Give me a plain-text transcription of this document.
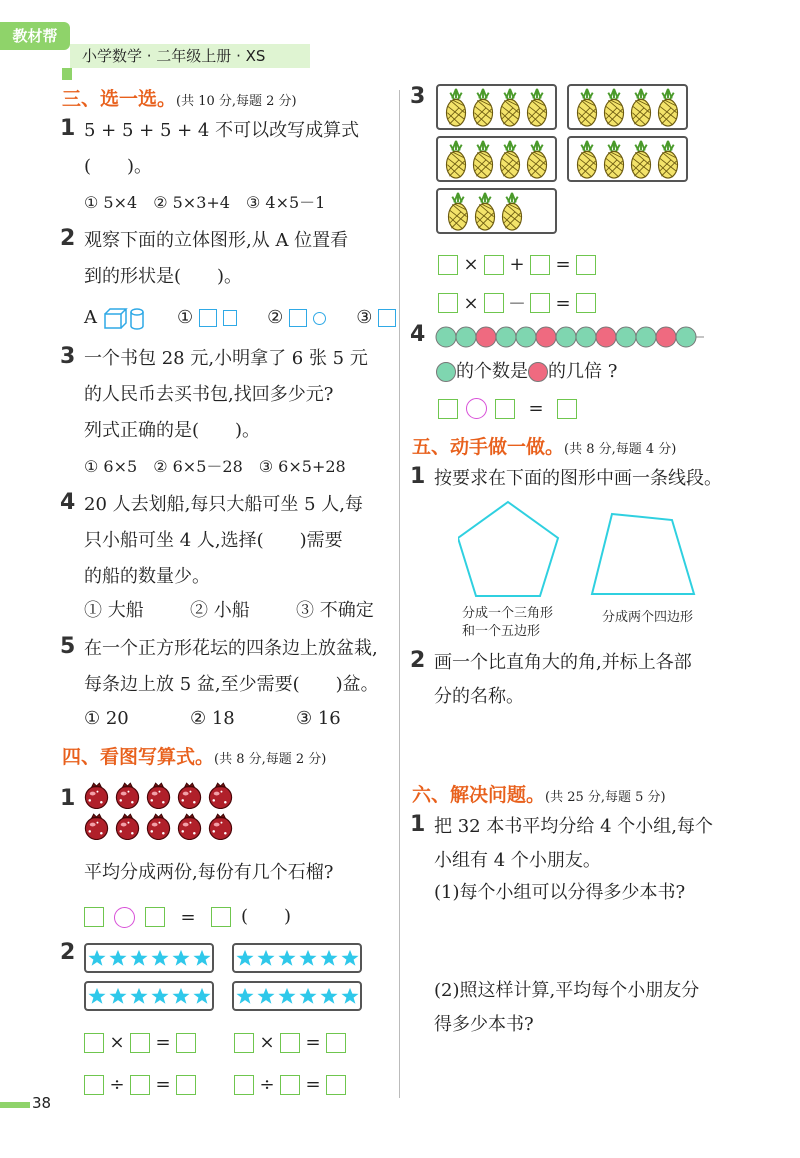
教材帮
小学数学 · 二年级上册 · XS
三、选一选。(共 10 分,每题 2 分)
1 5 + 5 + 5 + 4 不可以改写成算式
(　　)。
① 5×4　② 5×3+4　③ 4×5－1
2 观察下面的立体图形,从 A 位置看
到的形状是(　　)。
A	①	②	③
3 一个书包 28 元,小明拿了 6 张 5 元
的人民币去买书包,找回多少元?
列式正确的是(　　)。
① 6×5　② 6×5－28　③ 6×5+28
4 20 人去划船,每只大船可坐 5 人,每
只小船可坐 4 人,选择(　　)需要
的船的数量少。
① 大船	② 小船	③ 不确定
5 在一个正方形花坛的四条边上放盆栽,
每条边上放 5 盆,至少需要(　　)盆。
① 20	② 18	③ 16
四、看图写算式。(共 8 分,每题 2 分)
1
平均分成两份,每份有几个石榴?
=	(　　)
2
×	=	×	=
÷	=	÷	=
3
×	+	=
×	－	=
4
的个数是 的几倍 ?
=
五、动手做一做。(共 8 分,每题 4 分)
1 按要求在下面的图形中画一条线段。
分成一个三角形
和一个五边形
分成两个四边形
2 画一个比直角大的角,并标上各部
分的名称。
六、解决问题。(共 25 分,每题 5 分)
1 把 32 本书平均分给 4 个小组,每个
小组有 4 个小朋友。
(1)每个小组可以分得多少本书?
(2)照这样计算,平均每个小朋友分
得多少本书?
38
